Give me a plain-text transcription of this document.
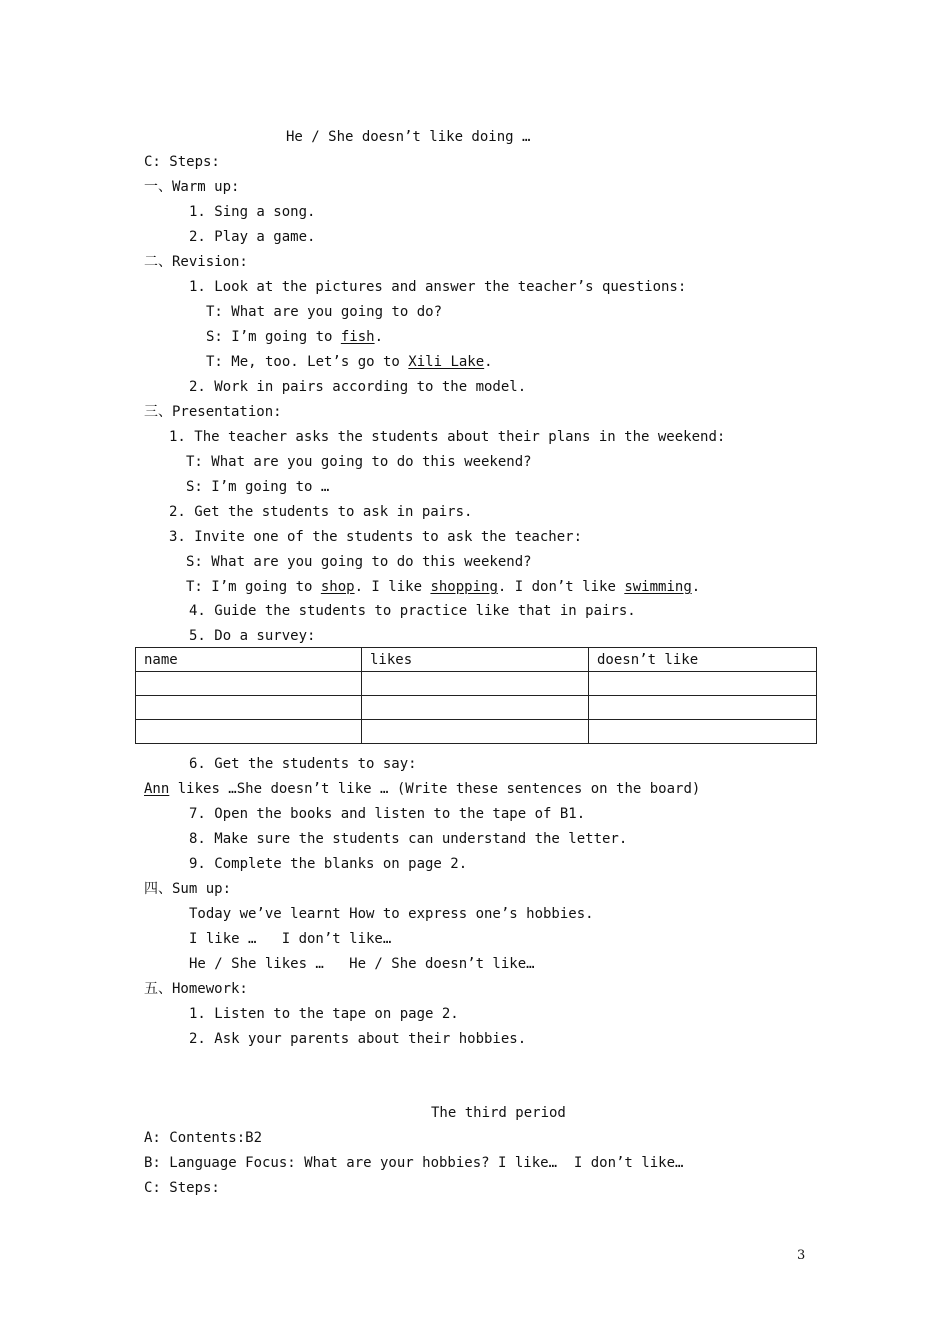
He / She doesn’t like doing …
C: Steps:
一、Warm up:
1. Sing a song.
2. Play a game.
二、Revision:
1. Look at the pictures and answer the teacher’s questions:
T: What are you going to do?
S: I’m going to fish.
T: Me, too. Let’s go to Xili Lake.
2. Work in pairs according to the model.
三、Presentation:
1. The teacher asks the students about their plans in the weekend:
T: What are you going to do this weekend?
S: I’m going to …
2. Get the students to ask in pairs.
3. Invite one of the students to ask the teacher:
S: What are you going to do this weekend?
T: I’m going to shop. I like shopping. I don’t like swimming.
4. Guide the students to practice like that in pairs.
5. Do a survey:
name	likes	doesn’t like

6. Get the students to say:
Ann likes …She doesn’t like … (Write these sentences on the board)
7. Open the books and listen to the tape of B1.
8. Make sure the students can understand the letter.
9. Complete the blanks on page 2.
四、Sum up:
Today we’ve learnt How to express one’s hobbies.
I like …   I don’t like…
He / She likes …   He / She doesn’t like…
五、Homework:
1. Listen to the tape on page 2.
2. Ask your parents about their hobbies.
The third period
A: Contents:B2
B: Language Focus: What are your hobbies? I like…  I don’t like…
C: Steps:
3
